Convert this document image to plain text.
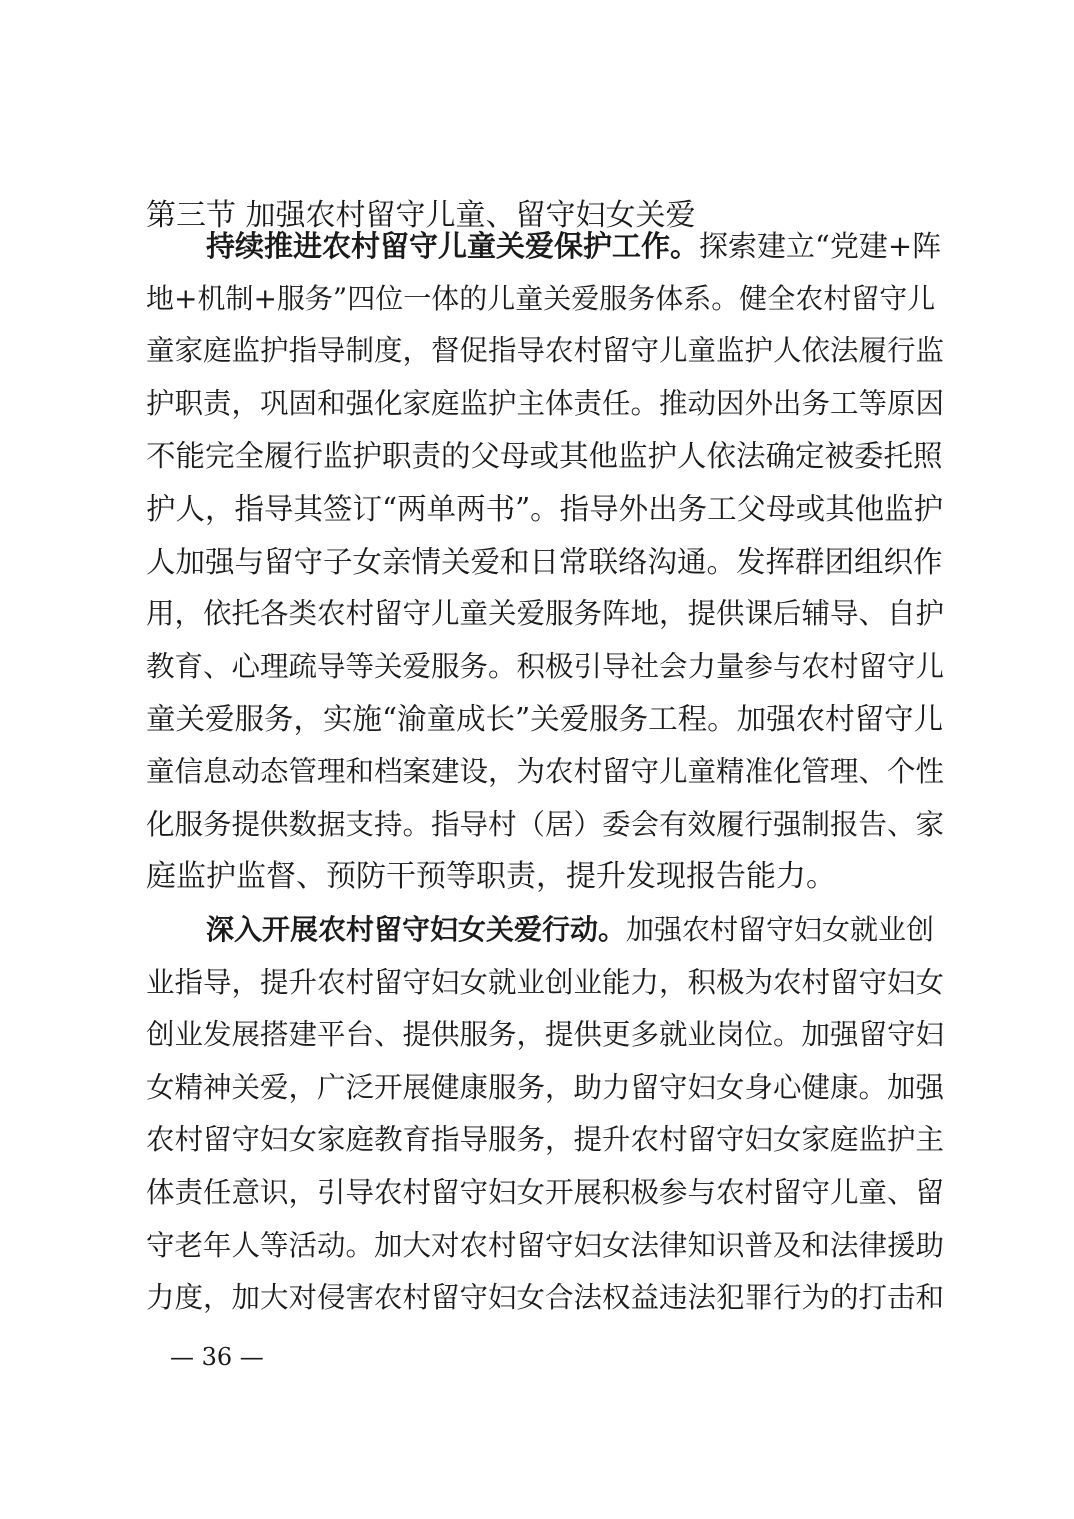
第三节 加强农村留守儿童、留守妇女关爱
持续推进农村留守儿童关爱保护工作。探索建立“党建+阵
地+机制+服务”四位一体的儿童关爱服务体系。健全农村留守儿
童家庭监护指导制度，督促指导农村留守儿童监护人依法履行监
护职责，巩固和强化家庭监护主体责任。推动因外出务工等原因
不能完全履行监护职责的父母或其他监护人依法确定被委托照
护人，指导其签订“两单两书”。指导外出务工父母或其他监护
人加强与留守子女亲情关爱和日常联络沟通。发挥群团组织作
用，依托各类农村留守儿童关爱服务阵地，提供课后辅导、自护
教育、心理疏导等关爱服务。积极引导社会力量参与农村留守儿
童关爱服务，实施“渝童成长”关爱服务工程。加强农村留守儿
童信息动态管理和档案建设，为农村留守儿童精准化管理、个性
化服务提供数据支持。指导村（居）委会有效履行强制报告、家
庭监护监督、预防干预等职责，提升发现报告能力。
深入开展农村留守妇女关爱行动。加强农村留守妇女就业创
业指导，提升农村留守妇女就业创业能力，积极为农村留守妇女
创业发展搭建平台、提供服务，提供更多就业岗位。加强留守妇
女精神关爱，广泛开展健康服务，助力留守妇女身心健康。加强
农村留守妇女家庭教育指导服务，提升农村留守妇女家庭监护主
体责任意识，引导农村留守妇女开展积极参与农村留守儿童、留
守老年人等活动。加大对农村留守妇女法律知识普及和法律援助
力度，加大对侵害农村留守妇女合法权益违法犯罪行为的打击和
— 36 —
